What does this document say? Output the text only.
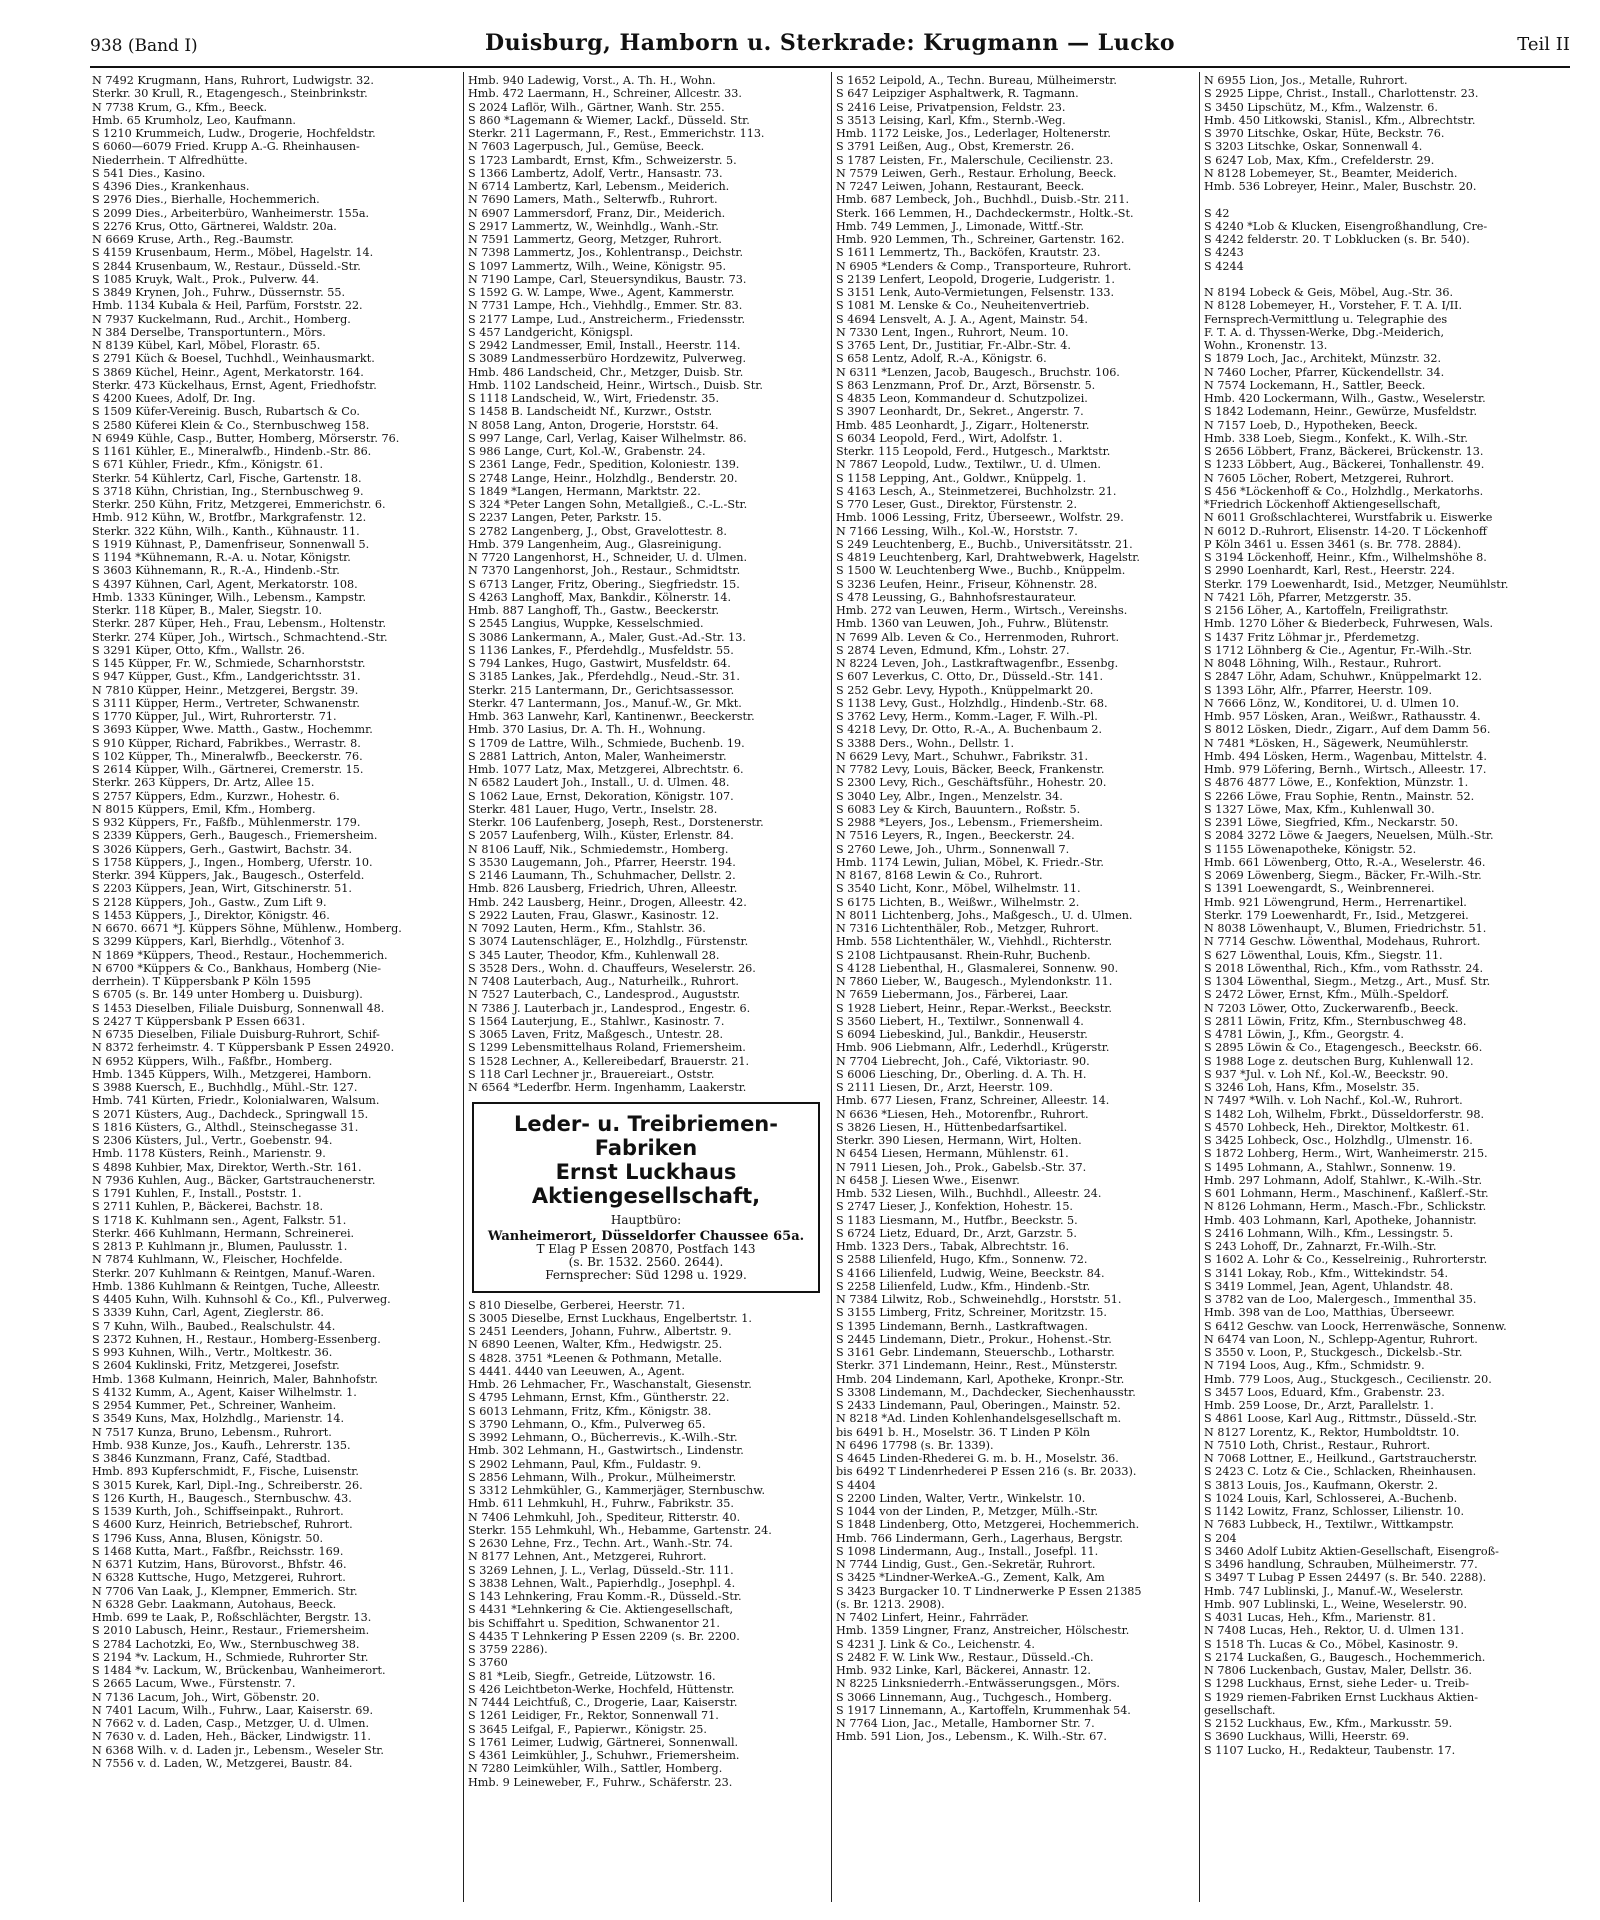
938 (Band I)	Duisburg, Hamborn u. Sterkrade: Krugmann — Lucko	Teil II
N 7492 Krugmann, Hans, Ruhrort, Ludwigstr. 32.
Sterkr. 30 Krull, R., Etagengesch., Steinbrinkstr.
N 7738 Krum, G., Kfm., Beeck.
Hmb. 65 Krumholz, Leo, Kaufmann.
S 1210 Krummeich, Ludw., Drogerie, Hochfeldstr.
S 6060—6079 Fried. Krupp A.-G. Rheinhausen-
Niederrhein. T Alfredhütte.
S 541 Dies., Kasino.
S 4396 Dies., Krankenhaus.
S 2976 Dies., Bierhalle, Hochemmerich.
S 2099 Dies., Arbeiterbüro, Wanheimerstr. 155a.
S 2276 Krus, Otto, Gärtnerei, Waldstr. 20a.
N 6669 Kruse, Arth., Reg.-Baumstr.
S 4159 Krusenbaum, Herm., Möbel, Hagelstr. 14.
S 2844 Krusenbaum, W., Restaur., Düsseld.-Str.
S 1085 Kruyk, Walt., Prok., Pulverw. 44.
S 3849 Krynen, Joh., Fuhrw., Düssernstr. 55.
Hmb. 1134 Kubala & Heil, Parfüm, Forststr. 22.
N 7937 Kuckelmann, Rud., Archit., Homberg.
N 384 Derselbe, Transportuntern., Mörs.
N 8139 Kübel, Karl, Möbel, Florastr. 65.
S 2791 Küch & Boesel, Tuchhdl., Weinhausmarkt.
S 3869 Küchel, Heinr., Agent, Merkatorstr. 164.
Sterkr. 473 Kückelhaus, Ernst, Agent, Friedhofstr.
S 4200 Kuees, Adolf, Dr. Ing.
S 1509 Küfer-Vereinig. Busch, Rubartsch & Co.
S 2580 Küferei Klein & Co., Sternbuschweg 158.
N 6949 Kühle, Casp., Butter, Homberg, Mörserstr. 76.
S 1161 Kühler, E., Mineralwfb., Hindenb.-Str. 86.
S 671 Kühler, Friedr., Kfm., Königstr. 61.
Sterkr. 54 Kühlertz, Carl, Fische, Gartenstr. 18.
S 3718 Kühn, Christian, Ing., Sternbuschweg 9.
Sterkr. 250 Kühn, Fritz, Metzgerei, Emmerichstr. 6.
Hmb. 912 Kühn, W., Brotfbr., Markgrafenstr. 12.
Sterkr. 322 Kühn, Wilh., Kanth., Kühnaustr. 11.
S 1919 Kühnast, P., Damenfriseur, Sonnenwall 5.
S 1194 *Kühnemann, R.-A. u. Notar, Königstr.
S 3603 Kühnemann, R., R.-A., Hindenb.-Str.
S 4397 Kühnen, Carl, Agent, Merkatorstr. 108.
Hmb. 1333 Küninger, Wilh., Lebensm., Kampstr.
Sterkr. 118 Küper, B., Maler, Siegstr. 10.
Sterkr. 287 Küper, Heh., Frau, Lebensm., Holtenstr.
Sterkr. 274 Küper, Joh., Wirtsch., Schmachtend.-Str.
S 3291 Küper, Otto, Kfm., Wallstr. 26.
S 145 Küpper, Fr. W., Schmiede, Scharnhorststr.
S 947 Küpper, Gust., Kfm., Landgerichtsstr. 31.
N 7810 Küpper, Heinr., Metzgerei, Bergstr. 39.
S 3111 Küpper, Herm., Vertreter, Schwanenstr.
S 1770 Küpper, Jul., Wirt, Ruhrorterstr. 71.
S 3693 Küpper, Wwe. Matth., Gastw., Hochemmr.
S 910 Küpper, Richard, Fabrikbes., Werrastr. 8.
S 102 Küpper, Th., Mineralwfb., Beeckerstr. 76.
S 2614 Küpper, Wilh., Gärtnerei, Cremerstr. 15.
Sterkr. 263 Küppers, Dr. Artz, Allee 15.
S 2757 Küppers, Edm., Kurzwr., Hohestr. 6.
N 8015 Küppers, Emil, Kfm., Homberg.
S 932 Küppers, Fr., Faßfb., Mühlenmerstr. 179.
S 2339 Küppers, Gerh., Baugesch., Friemersheim.
S 3026 Küppers, Gerh., Gastwirt, Bachstr. 34.
S 1758 Küppers, J., Ingen., Homberg, Uferstr. 10.
Sterkr. 394 Küppers, Jak., Baugesch., Osterfeld.
S 2203 Küppers, Jean, Wirt, Gitschinerstr. 51.
S 2128 Küppers, Joh., Gastw., Zum Lift 9.
S 1453 Küppers, J., Direktor, Königstr. 46.
N 6670. 6671 *J. Küppers Söhne, Mühlenw., Homberg.
S 3299 Küppers, Karl, Bierhdlg., Vötenhof 3.
N 1869 *Küppers, Theod., Restaur., Hochemmerich.
N 6700 *Küppers & Co., Bankhaus, Homberg (Nie-
derrhein). T Küppersbank P Köln 1595
S 6705 (s. Br. 149 unter Homberg u. Duisburg).
S 1453 Dieselben, Filiale Duisburg, Sonnenwall 48.
S 2427 T Küppersbank P Essen 6631.
N 6735 Dieselben, Filiale Duisburg-Ruhrort, Schif-
N 8372 ferheimstr. 4. T Küppersbank P Essen 24920.
N 6952 Küppers, Wilh., Faßfbr., Homberg.
Hmb. 1345 Küppers, Wilh., Metzgerei, Hamborn.
S 3988 Kuersch, E., Buchhdlg., Mühl.-Str. 127.
Hmb. 741 Kürten, Friedr., Kolonialwaren, Walsum.
S 2071 Küsters, Aug., Dachdeck., Springwall 15.
S 1816 Küsters, G., Althdl., Steinschegasse 31.
S 2306 Küsters, Jul., Vertr., Goebenstr. 94.
Hmb. 1178 Küsters, Reinh., Marienstr. 9.
S 4898 Kuhbier, Max, Direktor, Werth.-Str. 161.
N 7936 Kuhlen, Aug., Bäcker, Gartstrauchenerstr.
S 1791 Kuhlen, F., Install., Poststr. 1.
S 2711 Kuhlen, P., Bäckerei, Bachstr. 18.
S 1718 K. Kuhlmann sen., Agent, Falkstr. 51.
Sterkr. 466 Kuhlmann, Hermann, Schreinerei.
S 2813 P. Kuhlmann jr., Blumen, Paulusstr. 1.
N 7874 Kuhlmann, W., Fleischer, Hochfelde.
Sterkr. 207 Kuhlmann & Reintgen, Manuf.-Waren.
Hmb. 1386 Kuhlmann & Reintgen, Tuche, Alleestr.
S 4405 Kuhn, Wilh. Kuhnsohl & Co., Kfl., Pulverweg.
S 3339 Kuhn, Carl, Agent, Zieglerstr. 86.
S 7 Kuhn, Wilh., Baubed., Realschulstr. 44.
S 2372 Kuhnen, H., Restaur., Homberg-Essenberg.
S 993 Kuhnen, Wilh., Vertr., Moltkestr. 36.
S 2604 Kuklinski, Fritz, Metzgerei, Josefstr.
Hmb. 1368 Kulmann, Heinrich, Maler, Bahnhofstr.
S 4132 Kumm, A., Agent, Kaiser Wilhelmstr. 1.
S 2954 Kummer, Pet., Schreiner, Wanheim.
S 3549 Kuns, Max, Holzhdlg., Marienstr. 14.
N 7517 Kunza, Bruno, Lebensm., Ruhrort.
Hmb. 938 Kunze, Jos., Kaufh., Lehrerstr. 135.
S 3846 Kunzmann, Franz, Café, Stadtbad.
Hmb. 893 Kupferschmidt, F., Fische, Luisenstr.
S 3015 Kurek, Karl, Dipl.-Ing., Schreiberstr. 26.
S 126 Kurth, H., Baugesch., Sternbuschw. 43.
S 1539 Kurth, Joh., Schiffseinpakt., Ruhrort.
S 4600 Kurz, Heinrich, Betriebschef, Ruhrort.
S 1796 Kuss, Anna, Blusen, Königstr. 50.
S 1468 Kutta, Mart., Faßfbr., Reichsstr. 169.
N 6371 Kutzim, Hans, Bürovorst., Bhfstr. 46.
N 6328 Kuttsche, Hugo, Metzgerei, Ruhrort.
N 7706 Van Laak, J., Klempner, Emmerich. Str.
N 6328 Gebr. Laakmann, Autohaus, Beeck.
Hmb. 699 te Laak, P., Roßschlächter, Bergstr. 13.
S 2010 Labusch, Heinr., Restaur., Friemersheim.
S 2784 Lachotzki, Eo, Ww., Sternbuschweg 38.
S 2194 *v. Lackum, H., Schmiede, Ruhrorter Str.
S 1484 *v. Lackum, W., Brückenbau, Wanheimerort.
S 2665 Lacum, Wwe., Fürstenstr. 7.
N 7136 Lacum, Joh., Wirt, Göbenstr. 20.
N 7401 Lacum, Wilh., Fuhrw., Laar, Kaiserstr. 69.
N 7662 v. d. Laden, Casp., Metzger, U. d. Ulmen.
N 7630 v. d. Laden, Heh., Bäcker, Lindwigstr. 11.
N 6368 Wilh. v. d. Laden jr., Lebensm., Weseler Str.
N 7556 v. d. Laden, W., Metzgerei, Baustr. 84.
Hmb. 940 Ladewig, Vorst., A. Th. H., Wohn.
Hmb. 472 Laermann, H., Schreiner, Allcestr. 33.
S 2024 Laflör, Wilh., Gärtner, Wanh. Str. 255.
S 860 *Lagemann & Wiemer, Lackf., Düsseld. Str.
Sterkr. 211 Lagermann, F., Rest., Emmerichstr. 113.
N 7603 Lagerpusch, Jul., Gemüse, Beeck.
S 1723 Lambardt, Ernst, Kfm., Schweizerstr. 5.
S 1366 Lambertz, Adolf, Vertr., Hansastr. 73.
N 6714 Lambertz, Karl, Lebensm., Meiderich.
N 7690 Lamers, Math., Selterwfb., Ruhrort.
N 6907 Lammersdorf, Franz, Dir., Meiderich.
S 2917 Lammertz, W., Weinhdlg., Wanh.-Str.
N 7591 Lammertz, Georg, Metzger, Ruhrort.
N 7398 Lammertz, Jos., Kohlentransp., Deichstr.
S 1097 Lammertz, Wilh., Weine, Königstr. 95.
N 7190 Lampe, Carl, Steuersyndikus, Baustr. 73.
S 1592 G. W. Lampe, Wwe., Agent, Kammerstr.
N 7731 Lampe, Hch., Viehhdlg., Emmer. Str. 83.
S 2177 Lampe, Lud., Anstreicherm., Friedensstr.
S 457 Landgericht, Königspl.
S 2942 Landmesser, Emil, Install., Heerstr. 114.
S 3089 Landmesserbüro Hordzewitz, Pulverweg.
Hmb. 486 Landscheid, Chr., Metzger, Duisb. Str.
Hmb. 1102 Landscheid, Heinr., Wirtsch., Duisb. Str.
S 1118 Landscheid, W., Wirt, Friedenstr. 35.
S 1458 B. Landscheidt Nf., Kurzwr., Oststr.
N 8058 Lang, Anton, Drogerie, Horststr. 64.
S 997 Lange, Carl, Verlag, Kaiser Wilhelmstr. 86.
S 986 Lange, Curt, Kol.-W., Grabenstr. 24.
S 2361 Lange, Fedr., Spedition, Koloniestr. 139.
S 2748 Lange, Heinr., Holzhdlg., Benderstr. 20.
S 1849 *Langen, Hermann, Marktstr. 22.
S 324 *Peter Langen Sohn, Metallgieß., C.-L.-Str.
S 2237 Langen, Peter, Parkstr. 15.
S 2782 Langenberg, J., Obst, Gravelottestr. 8.
Hmb. 379 Langenheim, Aug., Glasreinigung.
N 7720 Langenhorst, H., Schneider, U. d. Ulmen.
N 7370 Langenhorst, Joh., Restaur., Schmidtstr.
S 6713 Langer, Fritz, Obering., Siegfriedstr. 15.
S 4263 Langhoff, Max, Bankdir., Kölnerstr. 14.
Hmb. 887 Langhoff, Th., Gastw., Beeckerstr.
S 2545 Langius, Wuppke, Kesselschmied.
S 3086 Lankermann, A., Maler, Gust.-Ad.-Str. 13.
S 1136 Lankes, F., Pferdehdlg., Musfeldstr. 55.
S 794 Lankes, Hugo, Gastwirt, Musfeldstr. 64.
S 3185 Lankes, Jak., Pferdehdlg., Neud.-Str. 31.
Sterkr. 215 Lantermann, Dr., Gerichtsassessor.
Sterkr. 47 Lantermann, Jos., Manuf.-W., Gr. Mkt.
Hmb. 363 Lanwehr, Karl, Kantinenwr., Beeckerstr.
Hmb. 370 Lasius, Dr. A. Th. H., Wohnung.
S 1709 de Lattre, Wilh., Schmiede, Buchenb. 19.
S 2881 Lattrich, Anton, Maler, Wanheimerstr.
Hmb. 1077 Latz, Max, Metzgerei, Albrechtstr. 6.
N 6582 Laudert Joh., Install., U. d. Ulmen. 48.
S 1062 Laue, Ernst, Dekoration, Königstr. 107.
Sterkr. 481 Lauer, Hugo, Vertr., Inselstr. 28.
Sterkr. 106 Laufenberg, Joseph, Rest., Dorstenerstr.
S 2057 Laufenberg, Wilh., Küster, Erlenstr. 84.
N 8106 Lauff, Nik., Schmiedemstr., Homberg.
S 3530 Laugemann, Joh., Pfarrer, Heerstr. 194.
S 2146 Laumann, Th., Schuhmacher, Dellstr. 2.
Hmb. 826 Lausberg, Friedrich, Uhren, Alleestr.
Hmb. 242 Lausberg, Heinr., Drogen, Alleestr. 42.
S 2922 Lauten, Frau, Glaswr., Kasinostr. 12.
N 7092 Lauten, Herm., Kfm., Stahlstr. 36.
S 3074 Lautenschläger, E., Holzhdlg., Fürstenstr.
S 345 Lauter, Theodor, Kfm., Kuhlenwall 28.
S 3528 Ders., Wohn. d. Chauffeurs, Weselerstr. 26.
N 7408 Lauterbach, Aug., Naturheilk., Ruhrort.
N 7527 Lauterbach, C., Landesprod., Auguststr.
N 7386 J. Lauterbach jr., Landesprod., Engestr. 6.
S 1564 Lauterjung, E., Stahlwr., Kasinostr. 7.
S 3065 Laven, Fritz, Maßgesch., Untestr. 28.
S 1299 Lebensmittelhaus Roland, Friemersheim.
S 1528 Lechner, A., Kellereibedarf, Brauerstr. 21.
S 118 Carl Lechner jr., Brauereiart., Oststr.
N 6564 *Lederfbr. Herm. Ingenhamm, Laakerstr.
Leder- u. Treibriemen-Fabriken
Ernst Luckhaus Aktiengesellschaft,
Hauptbüro:
Wanheimerort, Düsseldorfer Chaussee 65a.
T Elag P Essen 20870, Postfach 143
(s. Br. 1532. 2560. 2644).
Fernsprecher: Süd 1298 u. 1929.
S 810 Dieselbe, Gerberei, Heerstr. 71.
S 3005 Dieselbe, Ernst Luckhaus, Engelbertstr. 1.
S 2451 Leenders, Johann, Fuhrw., Albertstr. 9.
N 6890 Leenen, Walter, Kfm., Hedwigstr. 25.
S 4828. 3751 *Leenen & Pothmann, Metalle.
S 4441. 4440 van Leeuwen, A., Agent.
Hmb. 26 Lehmacher, Fr., Waschanstalt, Giesenstr.
S 4795 Lehmann, Ernst, Kfm., Güntherstr. 22.
S 6013 Lehmann, Fritz, Kfm., Königstr. 38.
S 3790 Lehmann, O., Kfm., Pulverweg 65.
S 3992 Lehmann, O., Bücherrevis., K.-Wilh.-Str.
Hmb. 302 Lehmann, H., Gastwirtsch., Lindenstr.
S 2902 Lehmann, Paul, Kfm., Fuldastr. 9.
S 2856 Lehmann, Wilh., Prokur., Mülheimerstr.
S 3312 Lehmkühler, G., Kammerjäger, Sternbuschw.
Hmb. 611 Lehmkuhl, H., Fuhrw., Fabrikstr. 35.
N 7406 Lehmkuhl, Joh., Spediteur, Ritterstr. 40.
Sterkr. 155 Lehmkuhl, Wh., Hebamme, Gartenstr. 24.
S 2630 Lehne, Frz., Techn. Art., Wanh.-Str. 74.
N 8177 Lehnen, Ant., Metzgerei, Ruhrort.
S 3269 Lehnen, J. L., Verlag, Düsseld.-Str. 111.
S 3838 Lehnen, Walt., Papierhdlg., Josephpl. 4.
S 143 Lehnkering, Frau Komm.-R., Düsseld.-Str.
S 4431 *Lehnkering & Cie. Aktiengesellschaft,
bis Schiffahrt u. Spedition, Schwanentor 21.
S 4435 T Lehnkering P Essen 2209 (s. Br. 2200.
S 3759 2286).
S 3760
S 81 *Leib, Siegfr., Getreide, Lützowstr. 16.
S 426 Leichtbeton-Werke, Hochfeld, Hüttenstr.
N 7444 Leichtfuß, C., Drogerie, Laar, Kaiserstr.
S 1261 Leidiger, Fr., Rektor, Sonnenwall 71.
S 3645 Leifgal, F., Papierwr., Königstr. 25.
S 1761 Leimer, Ludwig, Gärtnerei, Sonnenwall.
S 4361 Leimkühler, J., Schuhwr., Friemersheim.
N 7280 Leimkühler, Wilh., Sattler, Homberg.
Hmb. 9 Leineweber, F., Fuhrw., Schäferstr. 23.
S 1652 Leipold, A., Techn. Bureau, Mülheimerstr.
S 647 Leipziger Asphaltwerk, R. Tagmann.
S 2416 Leise, Privatpension, Feldstr. 23.
S 3513 Leising, Karl, Kfm., Sternb.-Weg.
Hmb. 1172 Leiske, Jos., Lederlager, Holtenerstr.
S 3791 Leißen, Aug., Obst, Kremerstr. 26.
S 1787 Leisten, Fr., Malerschule, Cecilienstr. 23.
N 7579 Leiwen, Gerh., Restaur. Erholung, Beeck.
N 7247 Leiwen, Johann, Restaurant, Beeck.
Hmb. 687 Lembeck, Joh., Buchhdl., Duisb.-Str. 211.
Sterk. 166 Lemmen, H., Dachdeckermstr., Holtk.-St.
Hmb. 749 Lemmen, J., Limonade, Wittf.-Str.
Hmb. 920 Lemmen, Th., Schreiner, Gartenstr. 162.
S 1611 Lemmertz, Th., Backöfen, Krautstr. 23.
N 6905 *Lenders & Comp., Transporteure, Ruhrort.
S 2139 Lenfert, Leopold, Drogerie, Ludgeristr. 1.
S 3151 Lenk, Auto-Vermietungen, Felsenstr. 133.
S 1081 M. Lenske & Co., Neuheitenvertrieb.
S 4694 Lensvelt, A. J. A., Agent, Mainstr. 54.
N 7330 Lent, Ingen., Ruhrort, Neum. 10.
S 3765 Lent, Dr., Justitiar, Fr.-Albr.-Str. 4.
S 658 Lentz, Adolf, R.-A., Königstr. 6.
N 6311 *Lenzen, Jacob, Baugesch., Bruchstr. 106.
S 863 Lenzmann, Prof. Dr., Arzt, Börsenstr. 5.
S 4835 Leon, Kommandeur d. Schutzpolizei.
S 3907 Leonhardt, Dr., Sekret., Angerstr. 7.
Hmb. 485 Leonhardt, J., Zigarr., Holtenerstr.
S 6034 Leopold, Ferd., Wirt, Adolfstr. 1.
Sterkr. 115 Leopold, Ferd., Hutgesch., Marktstr.
N 7867 Leopold, Ludw., Textilwr., U. d. Ulmen.
S 1158 Lepping, Ant., Goldwr., Knüppelg. 1.
S 4163 Lesch, A., Steinmetzerei, Buchholzstr. 21.
S 770 Leser, Gust., Direktor, Fürstenstr. 2.
Hmb. 1006 Lessing, Fritz, Überseewr., Wolfstr. 29.
N 7166 Lessing, Wilh., Kol.-W., Horststr. 7.
S 249 Leuchtenberg, E., Buchb., Universitätsstr. 21.
S 4819 Leuchtenberg, Karl, Drahtwebwerk, Hagelstr.
S 1500 W. Leuchtenberg Wwe., Buchb., Knüppelm.
S 3236 Leufen, Heinr., Friseur, Köhnenstr. 28.
S 478 Leussing, G., Bahnhofsrestaurateur.
Hmb. 272 van Leuwen, Herm., Wirtsch., Vereinshs.
Hmb. 1360 van Leuwen, Joh., Fuhrw., Blütenstr.
N 7699 Alb. Leven & Co., Herrenmoden, Ruhrort.
S 2874 Leven, Edmund, Kfm., Lohstr. 27.
N 8224 Leven, Joh., Lastkraftwagenfbr., Essenbg.
S 607 Leverkus, C. Otto, Dr., Düsseld.-Str. 141.
S 252 Gebr. Levy, Hypoth., Knüppelmarkt 20.
S 1138 Levy, Gust., Holzhdlg., Hindenb.-Str. 68.
S 3762 Levy, Herm., Komm.-Lager, F. Wilh.-Pl.
S 4218 Levy, Dr. Otto, R.-A., A. Buchenbaum 2.
S 3388 Ders., Wohn., Dellstr. 1.
N 6629 Levy, Mart., Schuhwr., Fabrikstr. 31.
N 7782 Levy, Louis, Bäcker, Beeck, Frankenstr.
S 2300 Levy, Rich., Geschäftsführ., Hohestr. 20.
S 3040 Ley, Albr., Ingen., Menzelstr. 34.
S 6083 Ley & Kirch, Bauuntern., Roßstr. 5.
S 2988 *Leyers, Jos., Lebensm., Friemersheim.
N 7516 Leyers, R., Ingen., Beeckerstr. 24.
S 2760 Lewe, Joh., Uhrm., Sonnenwall 7.
Hmb. 1174 Lewin, Julian, Möbel, K. Friedr.-Str.
N 8167, 8168 Lewin & Co., Ruhrort.
S 3540 Licht, Konr., Möbel, Wilhelmstr. 11.
S 6175 Lichten, B., Weißwr., Wilhelmstr. 2.
N 8011 Lichtenberg, Johs., Maßgesch., U. d. Ulmen.
N 7316 Lichtenthäler, Rob., Metzger, Ruhrort.
Hmb. 558 Lichtenthäler, W., Viehhdl., Richterstr.
S 2108 Lichtpausanst. Rhein-Ruhr, Buchenb.
S 4128 Liebenthal, H., Glasmalerei, Sonnenw. 90.
N 7860 Lieber, W., Baugesch., Mylendonkstr. 11.
N 7659 Liebermann, Jos., Färberei, Laar.
S 1928 Liebert, Heinr., Repar.-Werkst., Beeckstr.
S 3560 Liebert, H., Textilwr., Sonnenwall 4.
S 6094 Liebeskind, Jul., Bankdir., Heuserstr.
Hmb. 906 Liebmann, Alfr., Lederhdl., Krügerstr.
N 7704 Liebrecht, Joh., Café, Viktoriastr. 90.
S 6006 Liesching, Dr., Oberling. d. A. Th. H.
S 2111 Liesen, Dr., Arzt, Heerstr. 109.
Hmb. 677 Liesen, Franz, Schreiner, Alleestr. 14.
N 6636 *Liesen, Heh., Motorenfbr., Ruhrort.
S 3826 Liesen, H., Hüttenbedarfsartikel.
Sterkr. 390 Liesen, Hermann, Wirt, Holten.
N 6454 Liesen, Hermann, Mühlenstr. 61.
N 7911 Liesen, Joh., Prok., Gabelsb.-Str. 37.
N 6458 J. Liesen Wwe., Eisenwr.
Hmb. 532 Liesen, Wilh., Buchhdl., Alleestr. 24.
S 2747 Lieser, J., Konfektion, Hohestr. 15.
S 1183 Liesmann, M., Hutfbr., Beeckstr. 5.
S 6724 Lietz, Eduard, Dr., Arzt, Garzstr. 5.
Hmb. 1323 Ders., Tabak, Albrechtstr. 16.
S 2588 Lilienfeld, Hugo, Kfm., Sonnenw. 72.
S 4166 Lilienfeld, Ludwig, Weine, Beeckstr. 84.
S 2258 Lilienfeld, Ludw., Kfm., Hindenb.-Str.
N 7384 Lilwitz, Rob., Schweinehdlg., Horststr. 51.
S 3155 Limberg, Fritz, Schreiner, Moritzstr. 15.
S 1395 Lindemann, Bernh., Lastkraftwagen.
S 2445 Lindemann, Dietr., Prokur., Hohenst.-Str.
S 3161 Gebr. Lindemann, Steuerschb., Lotharstr.
Sterkr. 371 Lindemann, Heinr., Rest., Münsterstr.
Hmb. 204 Lindemann, Karl, Apotheke, Kronpr.-Str.
S 3308 Lindemann, M., Dachdecker, Siechenhausstr.
S 2433 Lindemann, Paul, Oberingen., Mainstr. 52.
N 8218 *Ad. Linden Kohlenhandelsgesellschaft m.
bis 6491 b. H., Moselstr. 36. T Linden P Köln
N 6496 17798 (s. Br. 1339).
S 4645 Linden-Rhederei G. m. b. H., Moselstr. 36.
bis 6492 T Lindenrhederei P Essen 216 (s. Br. 2033).
S 4404
S 2200 Linden, Walter, Vertr., Winkelstr. 10.
S 1044 von der Linden, P., Metzger, Mülh.-Str.
S 1848 Lindenberg, Otto, Metzgerei, Hochemmerich.
Hmb. 766 Lindermann, Gerh., Lagerhaus, Bergstr.
S 1098 Lindermann, Aug., Install., Josefpl. 11.
N 7744 Lindig, Gust., Gen.-Sekretär, Ruhrort.
S 3425 *Lindner-WerkeA.-G., Zement, Kalk, Am
S 3423 Burgacker 10. T Lindnerwerke P Essen 21385
(s. Br. 1213. 2908).
N 7402 Linfert, Heinr., Fahrräder.
Hmb. 1359 Lingner, Franz, Anstreicher, Hölschestr.
S 4231 J. Link & Co., Leichenstr. 4.
S 2482 F. W. Link Ww., Restaur., Düsseld.-Ch.
Hmb. 932 Linke, Karl, Bäckerei, Annastr. 12.
N 8225 Linksniederrh.-Entwässerungsgen., Mörs.
S 3066 Linnemann, Aug., Tuchgesch., Homberg.
S 1917 Linnemann, A., Kartoffeln, Krummenhak 54.
N 7764 Lion, Jac., Metalle, Hamborner Str. 7.
Hmb. 591 Lion, Jos., Lebensm., K. Wilh.-Str. 67.
N 6955 Lion, Jos., Metalle, Ruhrort.
S 2925 Lippe, Christ., Install., Charlottenstr. 23.
S 3450 Lipschütz, M., Kfm., Walzenstr. 6.
Hmb. 450 Litkowski, Stanisl., Kfm., Albrechtstr.
S 3970 Litschke, Oskar, Hüte, Beckstr. 76.
S 3203 Litschke, Oskar, Sonnenwall 4.
S 6247 Lob, Max, Kfm., Crefelderstr. 29.
N 8128 Lobemeyer, St., Beamter, Meiderich.
Hmb. 536 Lobreyer, Heinr., Maler, Buschstr. 20.

S 42
S 4240 *Lob & Klucken, Eisengroßhandlung, Cre-
S 4242 felderstr. 20. T Lobklucken (s. Br. 540).
S 4243
S 4244

N 8194 Lobeck & Geis, Möbel, Aug.-Str. 36.
N 8128 Lobemeyer, H., Vorsteher, F. T. A. I/II.
Fernsprech-Vermittlung u. Telegraphie des
F. T. A. d. Thyssen-Werke, Dbg.-Meiderich,
Wohn., Kronenstr. 13.
S 1879 Loch, Jac., Architekt, Münzstr. 32.
N 7460 Locher, Pfarrer, Kückendellstr. 34.
N 7574 Lockemann, H., Sattler, Beeck.
Hmb. 420 Lockermann, Wilh., Gastw., Weselerstr.
S 1842 Lodemann, Heinr., Gewürze, Musfeldstr.
N 7157 Loeb, D., Hypotheken, Beeck.
Hmb. 338 Loeb, Siegm., Konfekt., K. Wilh.-Str.
S 2656 Löbbert, Franz, Bäckerei, Brückenstr. 13.
S 1233 Löbbert, Aug., Bäckerei, Tonhallenstr. 49.
N 7605 Löcher, Robert, Metzgerei, Ruhrort.
S 456 *Löckenhoff & Co., Holzhdlg., Merkatorhs.
*Friedrich Löckenhoff Aktiengesellschaft,
N 6011 Großschlachterei, Wurstfabrik u. Eiswerke
N 6012 D.-Ruhrort, Elisenstr. 14-20. T Löckenhoff
P Köln 3461 u. Essen 3461 (s. Br. 778. 2884).
S 3194 Löckenhoff, Heinr., Kfm., Wilhelmshöhe 8.
S 2990 Loenhardt, Karl, Rest., Heerstr. 224.
Sterkr. 179 Loewenhardt, Isid., Metzger, Neumühlstr.
N 7421 Löh, Pfarrer, Metzgerstr. 35.
S 2156 Löher, A., Kartoffeln, Freiligrathstr.
Hmb. 1270 Löher & Biederbeck, Fuhrwesen, Wals.
S 1437 Fritz Löhmar jr., Pferdemetzg.
S 1712 Löhnberg & Cie., Agentur, Fr.-Wilh.-Str.
N 8048 Löhning, Wilh., Restaur., Ruhrort.
S 2847 Löhr, Adam, Schuhwr., Knüppelmarkt 12.
S 1393 Löhr, Alfr., Pfarrer, Heerstr. 109.
N 7666 Lönz, W., Konditorei, U. d. Ulmen 10.
Hmb. 957 Lösken, Aran., Weißwr., Rathausstr. 4.
S 8012 Lösken, Diedr., Zigarr., Auf dem Damm 56.
N 7481 *Lösken, H., Sägewerk, Neumühlerstr.
Hmb. 494 Lösken, Herm., Wagenbau, Mittelstr. 4.
Hmb. 979 Löfering, Bernh., Wirtsch., Alleestr. 17.
S 4876 4877 Löwe, E., Konfektion, Münzstr. 1.
S 2266 Löwe, Frau Sophie, Rentn., Mainstr. 52.
S 1327 Löwe, Max, Kfm., Kuhlenwall 30.
S 2391 Löwe, Siegfried, Kfm., Neckarstr. 50.
S 2084 3272 Löwe & Jaegers, Neuelsen, Mülh.-Str.
S 1155 Löwenapotheke, Königstr. 52.
Hmb. 661 Löwenberg, Otto, R.-A., Weselerstr. 46.
S 2069 Löwenberg, Siegm., Bäcker, Fr.-Wilh.-Str.
S 1391 Loewengardt, S., Weinbrennerei.
Hmb. 921 Löwengrund, Herm., Herrenartikel.
Sterkr. 179 Loewenhardt, Fr., Isid., Metzgerei.
N 8038 Löwenhaupt, V., Blumen, Friedrichstr. 51.
N 7714 Geschw. Löwenthal, Modehaus, Ruhrort.
S 627 Löwenthal, Louis, Kfm., Siegstr. 11.
S 2018 Löwenthal, Rich., Kfm., vom Rathsstr. 24.
S 1304 Löwenthal, Siegm., Metzg., Art., Musf. Str.
S 2472 Löwer, Ernst, Kfm., Mülh.-Speldorf.
N 7203 Löwer, Otto, Zuckerwarenfb., Beeck.
S 2811 Löwin, Fritz, Kfm., Sternbuschweg 48.
S 4781 Löwin, J., Kfm., Georgstr. 4.
S 2895 Löwin & Co., Etagengesch., Beeckstr. 66.
S 1988 Loge z. deutschen Burg, Kuhlenwall 12.
S 937 *Jul. v. Loh Nf., Kol.-W., Beeckstr. 90.
S 3246 Loh, Hans, Kfm., Moselstr. 35.
N 7497 *Wilh. v. Loh Nachf., Kol.-W., Ruhrort.
S 1482 Loh, Wilhelm, Fbrkt., Düsseldorferstr. 98.
S 4570 Lohbeck, Heh., Direktor, Moltkestr. 61.
S 3425 Lohbeck, Osc., Holzhdlg., Ulmenstr. 16.
S 1872 Lohberg, Herm., Wirt, Wanheimerstr. 215.
S 1495 Lohmann, A., Stahlwr., Sonnenw. 19.
Hmb. 297 Lohmann, Adolf, Stahlwr., K.-Wilh.-Str.
S 601 Lohmann, Herm., Maschinenf., Kaßlerf.-Str.
N 8126 Lohmann, Herm., Masch.-Fbr., Schlickstr.
Hmb. 403 Lohmann, Karl, Apotheke, Johannistr.
S 2416 Lohmann, Wilh., Kfm., Lessingstr. 5.
S 243 Lohoff, Dr., Zahnarzt, Fr.-Wilh.-Str.
S 1602 A. Lohr & Co., Kesselreinig., Ruhrorterstr.
S 3141 Lokay, Rob., Kfm., Wittekindstr. 54.
S 3419 Lommel, Jean, Agent, Uhlandstr. 48.
S 3782 van de Loo, Malergesch., Immenthal 35.
Hmb. 398 van de Loo, Matthias, Überseewr.
S 6412 Geschw. van Loock, Herrenwäsche, Sonnenw.
N 6474 van Loon, N., Schlepp-Agentur, Ruhrort.
S 3550 v. Loon, P., Stuckgesch., Dickelsb.-Str.
N 7194 Loos, Aug., Kfm., Schmidstr. 9.
Hmb. 779 Loos, Aug., Stuckgesch., Cecilienstr. 20.
S 3457 Loos, Eduard, Kfm., Grabenstr. 23.
Hmb. 259 Loose, Dr., Arzt, Parallelstr. 1.
S 4861 Loose, Karl Aug., Rittmstr., Düsseld.-Str.
N 8127 Lorentz, K., Rektor, Humboldtstr. 10.
N 7510 Loth, Christ., Restaur., Ruhrort.
N 7068 Lottner, E., Heilkund., Gartstraucherstr.
S 2423 C. Lotz & Cie., Schlacken, Rheinhausen.
S 3813 Louis, Jos., Kaufmann, Okerstr. 2.
S 1024 Louis, Karl, Schlosserei, A.-Buchenb.
S 1142 Lowitz, Franz, Schlosser, Lilienstr. 10.
N 7683 Lubbeck, H., Textilwr., Wittkampstr.
S 204
S 3460 Adolf Lubitz Aktien-Gesellschaft, Eisengroß-
S 3496 handlung, Schrauben, Mülheimerstr. 77.
S 3497 T Lubag P Essen 24497 (s. Br. 540. 2288).
Hmb. 747 Lublinski, J., Manuf.-W., Weselerstr.
Hmb. 907 Lublinski, L., Weine, Weselerstr. 90.
S 4031 Lucas, Heh., Kfm., Marienstr. 81.
N 7408 Lucas, Heh., Rektor, U. d. Ulmen 131.
S 1518 Th. Lucas & Co., Möbel, Kasinostr. 9.
S 2174 Luckaßen, G., Baugesch., Hochemmerich.
N 7806 Luckenbach, Gustav, Maler, Dellstr. 36.
S 1298 Luckhaus, Ernst, siehe Leder- u. Treib-
S 1929 riemen-Fabriken Ernst Luckhaus Aktien-
gesellschaft.
S 2152 Luckhaus, Ew., Kfm., Markusstr. 59.
S 3690 Luckhaus, Willi, Heerstr. 69.
S 1107 Lucko, H., Redakteur, Taubenstr. 17.
